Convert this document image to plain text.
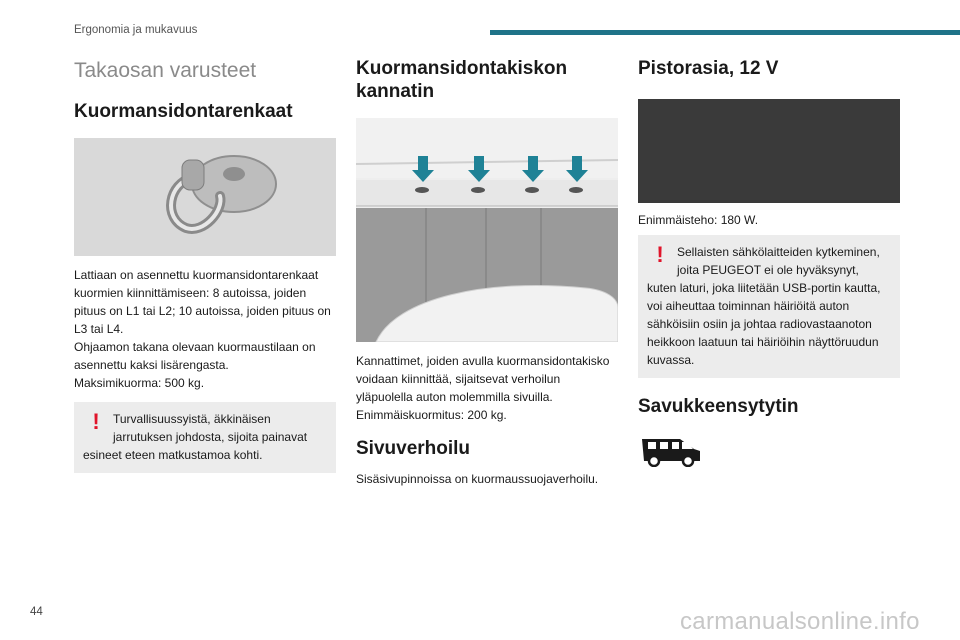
Ergonomia ja mukavuus
Takaosan varusteet
Kuormansidontarenkaat
Lattiaan on asennettu kuormansidontarenkaat kuormien kiinnittämiseen: 8 autoissa, joiden pituus on L1 tai L2; 10 autoissa, joiden pituus on L3 tai L4.
Ohjaamon takana olevaan kuormaustilaan on asennettu kaksi lisärengasta.
Maksimikuorma: 500 kg.
!	Turvallisuussyistä, äkkinäisen jarrutuksen johdosta, sijoita painavat esineet eteen matkustamoa kohti.
Kuormansidontakiskon kannatin
Kannattimet, joiden avulla kuormansidontakisko voidaan kiinnittää, sijaitsevat verhoilun yläpuolella auton molemmilla sivuilla.
Enimmäiskuormitus: 200 kg.
Sivuverhoilu
Sisäsivupinnoissa on kuormaussuojaverhoilu.
Pistorasia, 12 V
Enimmäisteho: 180 W.
!	Sellaisten sähkölaitteiden kytkeminen, joita PEUGEOT ei ole hyväksynyt, kuten laturi, joka liitetään USB-portin kautta, voi aiheuttaa toiminnan häiriöitä auton sähköisiin osiin ja johtaa radiovastaanoton heikkoon laatuun tai häiriöihin näyttöruudun kuvassa.
Savukkeensytytin
44	carmanualsonline.info
